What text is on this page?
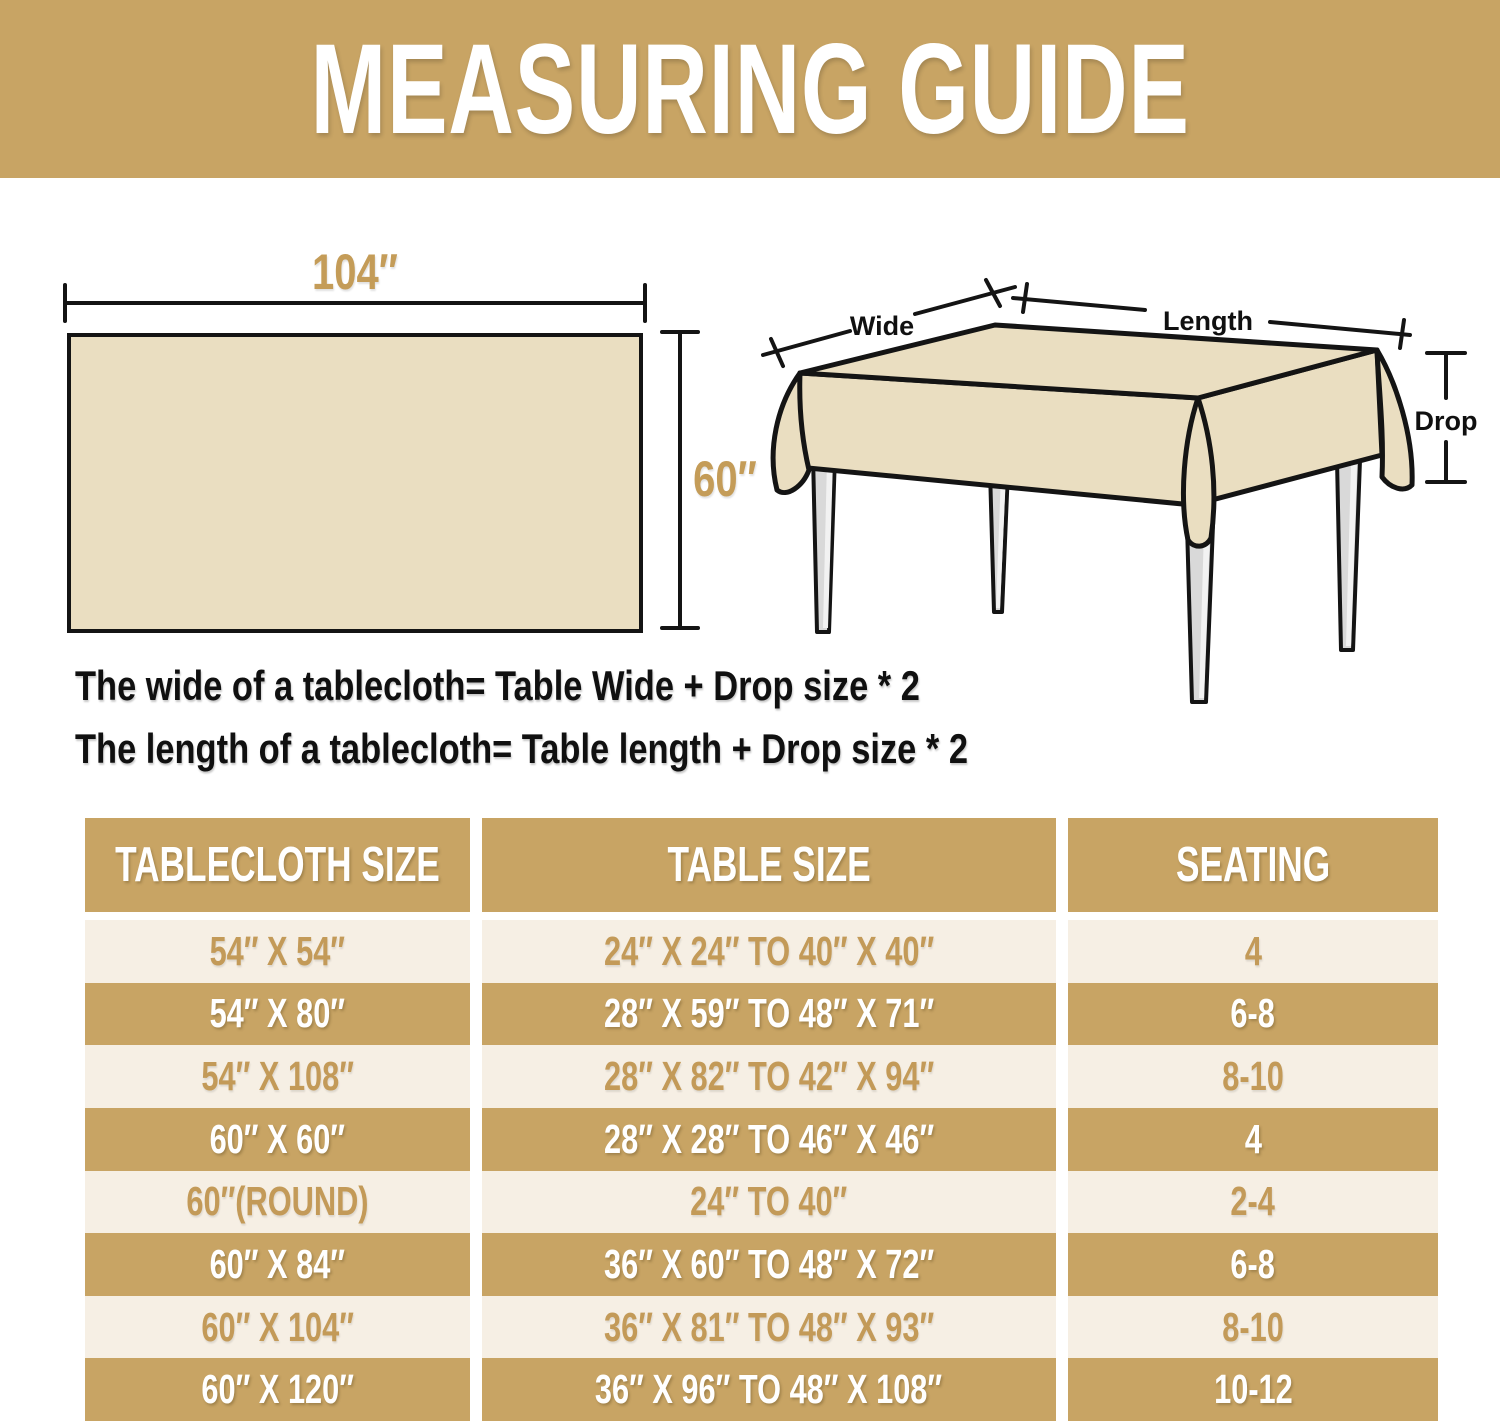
MEASURING GUIDE
104″
60″
Wide	Length
Drop
The wide of a tablecloth= Table Wide + Drop size * 2
The length of a tablecloth= Table length + Drop size * 2
TABLECLOTH SIZE	TABLE SIZE	SEATING
54″ X 54″	24″ X 24″ TO 40″ X 40″	4
54″ X 80″	28″ X 59″ TO 48″ X 71″	6-8
54″ X 108″	28″ X 82″ TO 42″ X 94″	8-10
60″ X 60″	28″ X 28″ TO 46″ X 46″	4
60″(ROUND)	24″ TO 40″	2-4
60″ X 84″	36″ X 60″ TO 48″ X 72″	6-8
60″ X 104″	36″ X 81″ TO 48″ X 93″	8-10
60″ X 120″	36″ X 96″ TO 48″ X 108″	10-12
